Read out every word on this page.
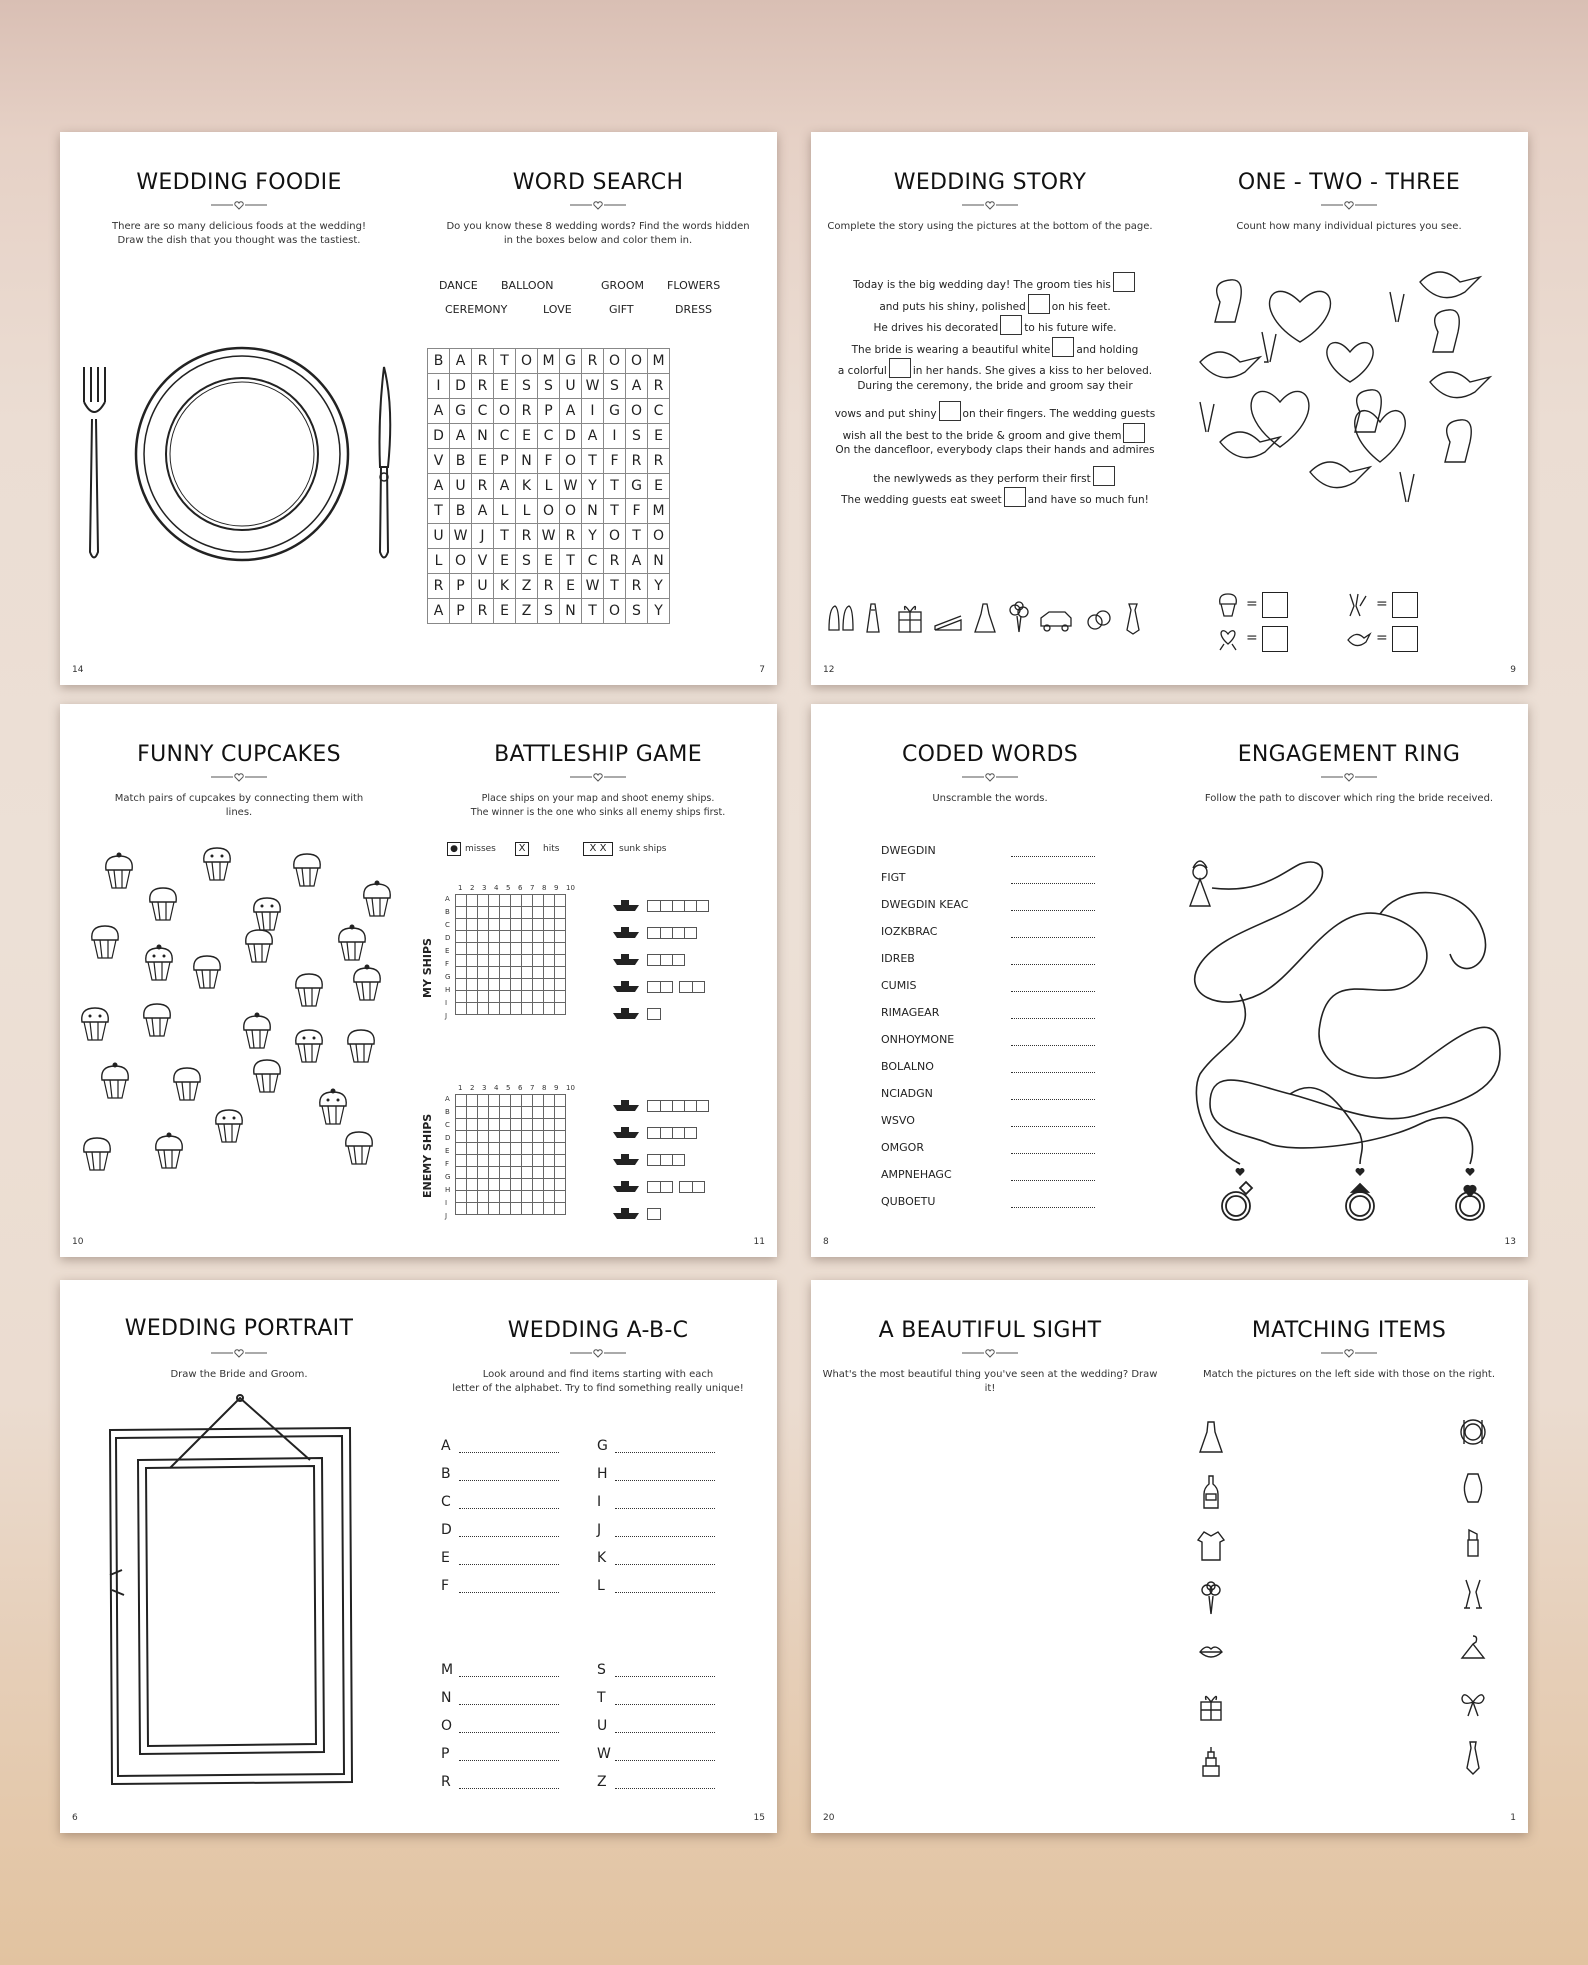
WEDDING FOODIE
There are so many delicious foods at the wedding!
Draw the dish that you thought was the tastiest.
14
WORD SEARCH
Do you know these 8 wedding words? Find the words hidden
in the boxes below and color them in.
DANCE BALLOON	GROOM FLOWERS
CEREMONY	LOVE	GIFT	DRESS
B	A	R	T	O	M	G	R	O	O	M
I	D	R	E	S	S	U	W	S	A	R
A	G	C	O	R	P	A	I	G	O	C
D	A	N	C	E	C	D	A	I	S	E
V	B	E	P	N	F	O	T	F	R	R
A	U	R	A	K	L	W	Y	T	G	E
T	B	A	L	L	O	O	N	T	F	M
U	W	J	T	R	W	R	Y	O	T	O
L	O	V	E	S	E	T	C	R	A	N
R	P	U	K	Z	R	E	W	T	R	Y
A	P	R	E	Z	S	N	T	O	S	Y
7
WEDDING STORY
Complete the story using the pictures at the bottom of the page.
Today is the big wedding day! The groom ties his
and puts his shiny, polished on his feet.
He drives his decorated to his future wife.
The bride is wearing a beautiful white and holding
a colorful in her hands. She gives a kiss to her beloved.
During the ceremony, the bride and groom say their
vows and put shiny on their fingers. The wedding guests
wish all the best to the bride & groom and give them
On the dancefloor, everybody claps their hands and admires
the newlyweds as they perform their first
The wedding guests eat sweet and have so much fun!
12
ONE - TWO - THREE
Count how many individual pictures you see.
=	=
=	=
9
FUNNY CUPCAKES
Match pairs of cupcakes by connecting them with lines.
10
BATTLESHIP GAME
Place ships on your map and shoot enemy ships.
The winner is the one who sinks all enemy ships first.
● misses	X	hits	X X	sunk ships

1 2 3 4 5 6 7 8 9 10
A
B
C
D
E
F
G
H
I
J

1 2 3 4 5 6 7 8 9 10
A
B
C
D
E
F
G
H
I
J
MY SHIPS
ENEMY SHIPS
11
CODED WORDS
Unscramble the words.
DWEGDIN
FIGT
DWEGDIN KEAC
IOZKBRAC
IDREB
CUMIS
RIMAGEAR
ONHOYMONE
BOLALNO
NCIADGN
WSVO
OMGOR
AMPNEHAGC
QUBOETU
8
ENGAGEMENT RING
Follow the path to discover which ring the bride received.
13
WEDDING PORTRAIT
Draw the Bride and Groom.
6
WEDDING A-B-C
Look around and find items starting with each
letter of the alphabet. Try to find something really unique!
A
B
C
D
E
F
G
H
I
J
K
L
M
N
O
P
R
S
T
U
W
Z
15
A BEAUTIFUL SIGHT
What's the most beautiful thing you've seen at the wedding? Draw it!
20
MATCHING ITEMS
Match the pictures on the left side with those on the right.
1
